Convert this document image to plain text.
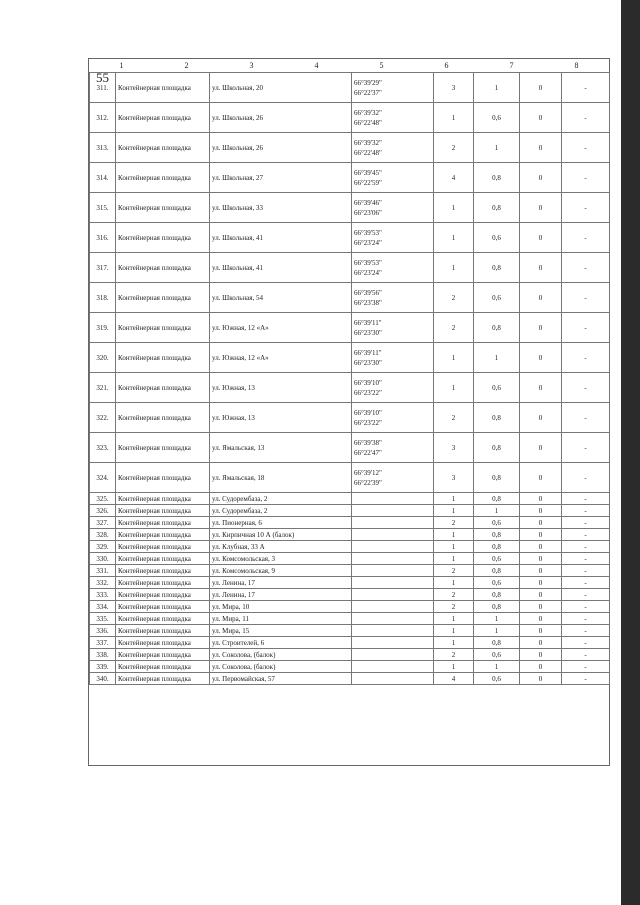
55
1	2	3	4	5	6	7	8
311.	Контейнерная площадка	ул. Школьная, 20	66°39'29"
66°22'37"	3	1	0	-
312.	Контейнерная площадка	ул. Школьная, 26	66°39'32"
66°22'48"	1	0,6	0	-
313.	Контейнерная площадка	ул. Школьная, 26	66°39'32"
66°22'48"	2	1	0	-
314.	Контейнерная площадка	ул. Школьная, 27	66°39'45"
66°22'59"	4	0,8	0	-
315.	Контейнерная площадка	ул. Школьная, 33	66°39'46"
66°23'06"	1	0,8	0	-
316.	Контейнерная площадка	ул. Школьная, 41	66°39'53"
66°23'24"	1	0,6	0	-
317.	Контейнерная площадка	ул. Школьная, 41	66°39'53"
66°23'24"	1	0,8	0	-
318.	Контейнерная площадка	ул. Школьная, 54	66°39'56"
66°23'38"	2	0,6	0	-
319.	Контейнерная площадка	ул. Южная, 12 «А»	66°39'11"
66°23'30"	2	0,8	0	-
320.	Контейнерная площадка	ул. Южная, 12 «А»	66°39'11"
66°23'30"	1	1	0	-
321.	Контейнерная площадка	ул. Южная, 13	66°39'10"
66°23'22"	1	0,6	0	-
322.	Контейнерная площадка	ул. Южная, 13	66°39'10"
66°23'22"	2	0,8	0	-
323.	Контейнерная площадка	ул. Ямальская, 13	66°39'38"
66°22'47"	3	0,8	0	-
324.	Контейнерная площадка	ул. Ямальская, 18	66°39'12"
66°22'39"	3	0,8	0	-
325.	Контейнерная площадка	ул. Судорембаза, 2		1	0,8	0	-
326.	Контейнерная площадка	ул. Судорембаза, 2		1	1	0	-
327.	Контейнерная площадка	ул. Пионерная, 6		2	0,6	0	-
328.	Контейнерная площадка	ул. Кирпичная 10 А (балок)		1	0,8	0	-
329.	Контейнерная площадка	ул. Клубная, 33 А		1	0,8	0	-
330.	Контейнерная площадка	ул. Комсомольская, 3		1	0,6	0	-
331.	Контейнерная площадка	ул. Комсомольская, 9		2	0,8	0	-
332.	Контейнерная площадка	ул. Ленина, 17		1	0,6	0	-
333.	Контейнерная площадка	ул. Ленина, 17		2	0,8	0	-
334.	Контейнерная площадка	ул. Мира, 10		2	0,8	0	-
335.	Контейнерная площадка	ул. Мира, 11		1	1	0	-
336.	Контейнерная площадка	ул. Мира, 15		1	1	0	-
337.	Контейнерная площадка	ул. Строителей, 6		1	0,8	0	-
338.	Контейнерная площадка	ул. Соколова, (балок)		2	0,6	0	-
339.	Контейнерная площадка	ул. Соколова, (балок)		1	1	0	-
340.	Контейнерная площадка	ул. Первомайская, 57		4	0,6	0	-
